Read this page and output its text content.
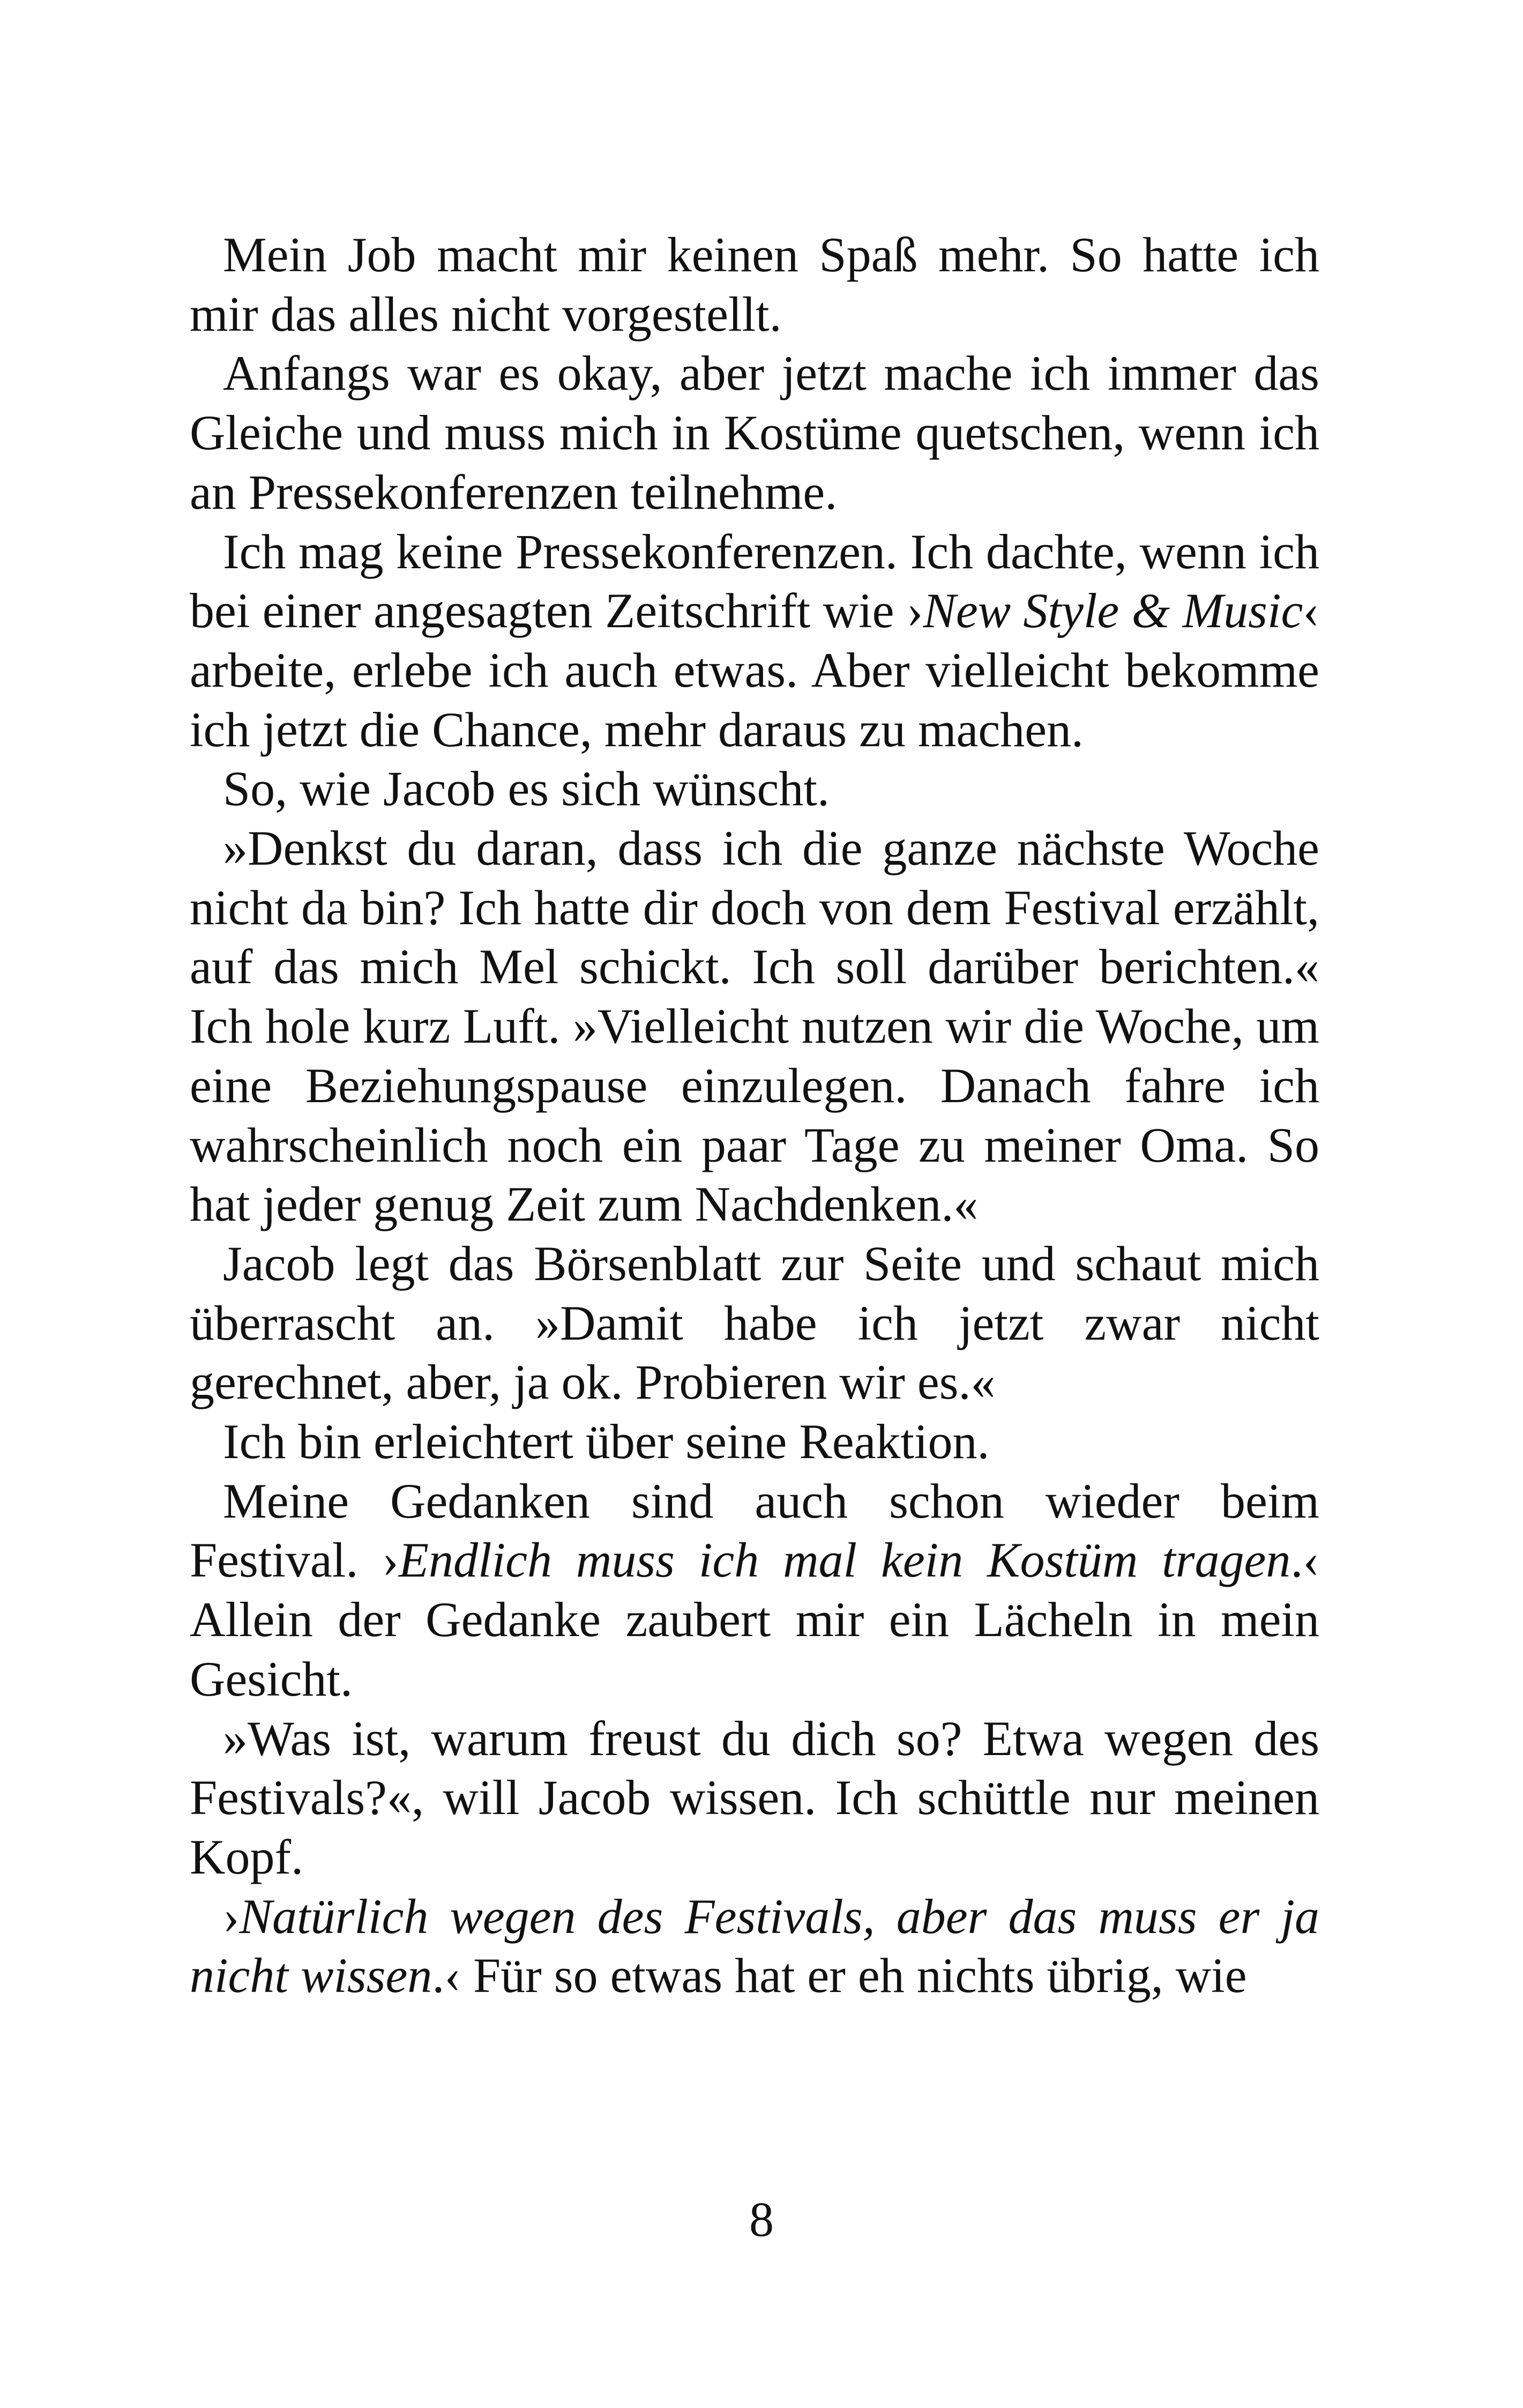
Mein Job macht mir keinen Spaß mehr. So hatte ich mir das alles nicht vorgestellt.

Anfangs war es okay, aber jetzt mache ich immer das Gleiche und muss mich in Kostüme quetschen, wenn ich an Pressekonferenzen teilnehme.

Ich mag keine Pressekonferenzen. Ich dachte, wenn ich bei einer angesagten Zeitschrift wie ›New Style & Music‹ arbeite, erlebe ich auch etwas. Aber vielleicht bekomme ich jetzt die Chance, mehr daraus zu machen.

So, wie Jacob es sich wünscht.

»Denkst du daran, dass ich die ganze nächste Woche nicht da bin? Ich hatte dir doch von dem Festival erzählt, auf das mich Mel schickt. Ich soll darüber berichten.« Ich hole kurz Luft. »Vielleicht nutzen wir die Woche, um eine Beziehungspause einzulegen. Danach fahre ich wahrscheinlich noch ein paar Tage zu meiner Oma. So hat jeder genug Zeit zum Nachdenken.«

Jacob legt das Börsenblatt zur Seite und schaut mich überrascht an. »Damit habe ich jetzt zwar nicht gerechnet, aber, ja ok. Probieren wir es.«

Ich bin erleichtert über seine Reaktion.

Meine Gedanken sind auch schon wieder beim Festival. ›Endlich muss ich mal kein Kostüm tragen.‹ Allein der Gedanke zaubert mir ein Lächeln in mein Gesicht.

»Was ist, warum freust du dich so? Etwa wegen des Festivals?«, will Jacob wissen. Ich schüttle nur meinen Kopf.

›Natürlich wegen des Festivals, aber das muss er ja nicht wissen.‹ Für so etwas hat er eh nichts übrig, wie

8
